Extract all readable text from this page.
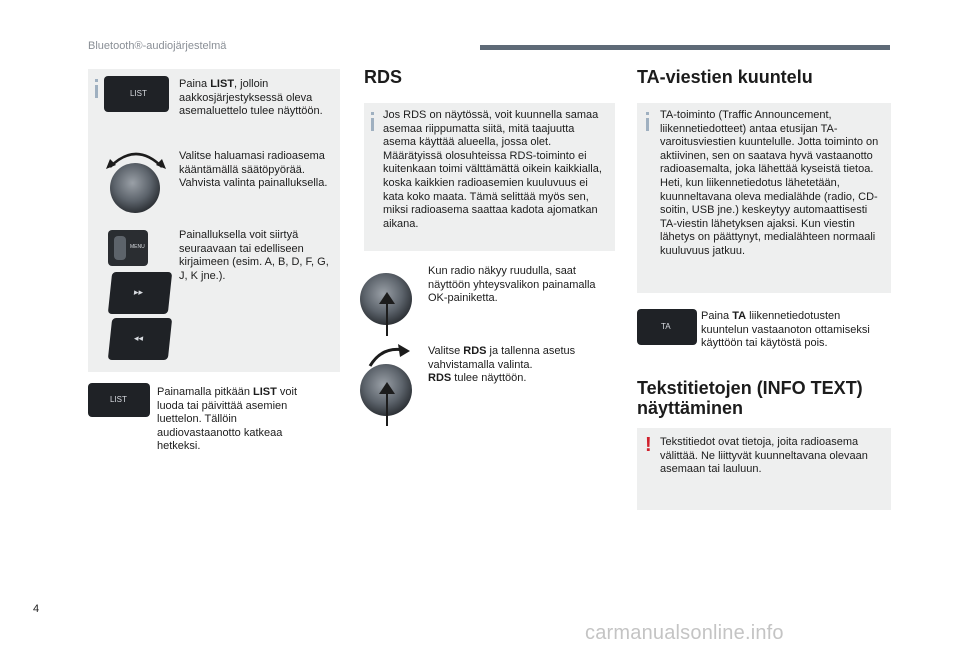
Bluetooth®-audiojärjestelmä
LIST
Paina LIST, jolloin aakkosjärjestyksessä oleva asemaluettelo tulee näyttöön.
Valitse haluamasi radioasema kääntämällä säätöpyörää. Vahvista valinta painalluksella.
MENU
Painalluksella voit siirtyä seuraavaan tai edelliseen kirjaimeen (esim. A, B, D, F, G, J, K jne.).
▸▸
◂◂
LIST
Painamalla pitkään LIST voit luoda tai päivittää asemien luettelon. Tällöin audiovastaanotto katkeaa hetkeksi.
RDS
Jos RDS on näytössä, voit kuunnella samaa asemaa riippumatta siitä, mitä taajuutta asema käyttää alueella, jossa olet. Määrätyissä olosuhteissa RDS-toiminto ei kuitenkaan toimi välttämättä oikein kaikkialla, koska kaikkien radioasemien kuuluvuus ei kata koko maata. Tämä selittää myös sen, miksi radioasema saattaa kadota ajomatkan aikana.
Kun radio näkyy ruudulla, saat näyttöön yhteysvalikon painamalla OK-painiketta.
Valitse RDS ja tallenna asetus vahvistamalla valinta.
RDS tulee näyttöön.
TA-viestien kuuntelu
TA-toiminto (Traffic Announcement, liikennetiedotteet) antaa etusijan TA-varoitusviestien kuuntelulle. Jotta toiminto on aktiivinen, sen on saatava hyvä vastaanotto radioasemalta, joka lähettää kyseistä tietoa. Heti, kun liikennetiedotus lähetetään, kuunneltavana oleva medialähde (radio, CD-soitin, USB jne.) keskeytyy automaattisesti TA-viestin lähetyksen ajaksi. Kun viestin lähetys on päättynyt, medialähteen normaali kuuluvuus jatkuu.
TA
Paina TA liikennetiedotusten kuuntelun vastaanoton ottamiseksi käyttöön tai käytöstä pois.
Tekstitietojen (INFO TEXT)
näyttäminen
! Tekstitiedot ovat tietoja, joita radioasema välittää. Ne liittyvät kuunneltavana olevaan asemaan tai lauluun.
4
carmanualsonline.info
